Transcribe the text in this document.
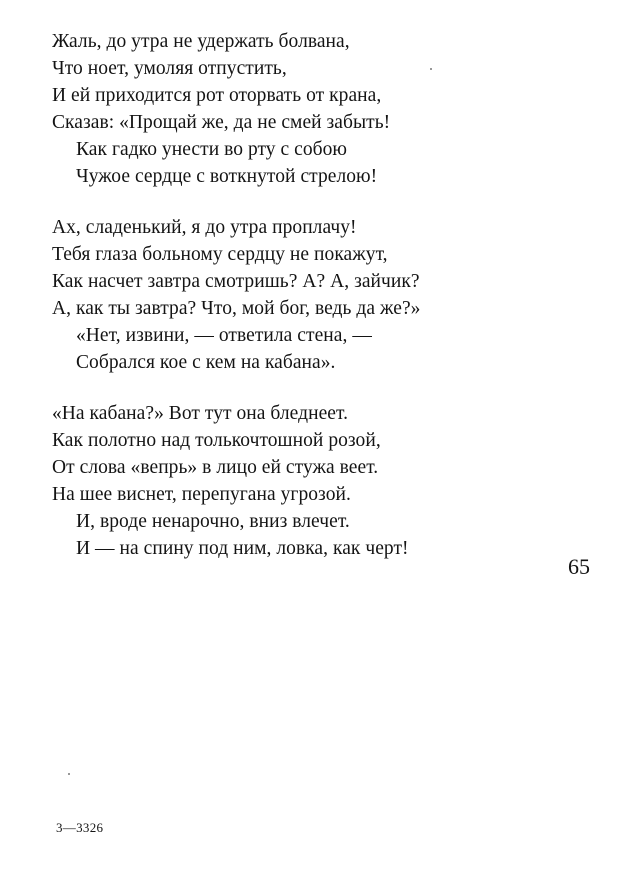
Жаль, до утра не удержать болвана,
Что ноет, умоляя отпустить,
И ей приходится рот оторвать от крана,
Сказав: «Прощай же, да не смей забыть!
Как гадко унести во рту с собою
Чужое сердце с воткнутой стрелою!
Ах, сладенький, я до утра проплачу!
Тебя глаза больному сердцу не покажут,
Как насчет завтра смотришь? А? А, зайчик?
А, как ты завтра? Что, мой бог, ведь да же?»
«Нет, извини, — ответила стена, —
Собрался кое с кем на кабана».
«На кабана?» Вот тут она бледнеет.
Как полотно над толькочтошной розой,
От слова «вепрь» в лицо ей стужа веет.
На шее виснет, перепугана угрозой.
И, вроде ненарочно, вниз влечет.
И — на спину под ним, ловка, как черт!
65
3—3326
